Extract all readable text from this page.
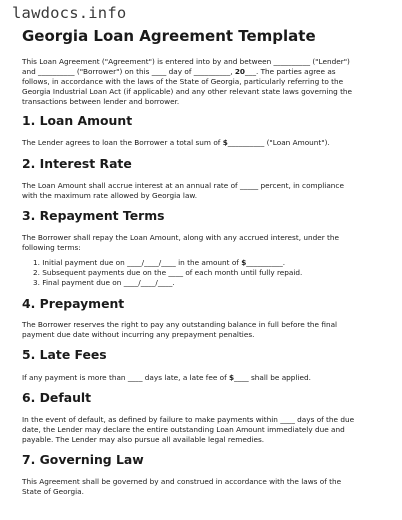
lawdocs.info
Georgia Loan Agreement Template
This Loan Agreement ("Agreement") is entered into by and between __________ ("Lender")
and __________ ("Borrower") on this ____ day of __________, 20___. The parties agree as
follows, in accordance with the laws of the State of Georgia, particularly referring to the
Georgia Industrial Loan Act (if applicable) and any other relevant state laws governing the
transactions between lender and borrower.
1. Loan Amount
The Lender agrees to loan the Borrower a total sum of $__________ ("Loan Amount").
2. Interest Rate
The Loan Amount shall accrue interest at an annual rate of _____ percent, in compliance
with the maximum rate allowed by Georgia law.
3. Repayment Terms
The Borrower shall repay the Loan Amount, along with any accrued interest, under the
following terms:
1. Initial payment due on ____/____/____ in the amount of $__________.
2. Subsequent payments due on the ____ of each month until fully repaid.
3. Final payment due on ____/____/____.
4. Prepayment
The Borrower reserves the right to pay any outstanding balance in full before the final
payment due date without incurring any prepayment penalties.
5. Late Fees
If any payment is more than ____ days late, a late fee of $____ shall be applied.
6. Default
In the event of default, as defined by failure to make payments within ____ days of the due
date, the Lender may declare the entire outstanding Loan Amount immediately due and
payable. The Lender may also pursue all available legal remedies.
7. Governing Law
This Agreement shall be governed by and construed in accordance with the laws of the
State of Georgia.
